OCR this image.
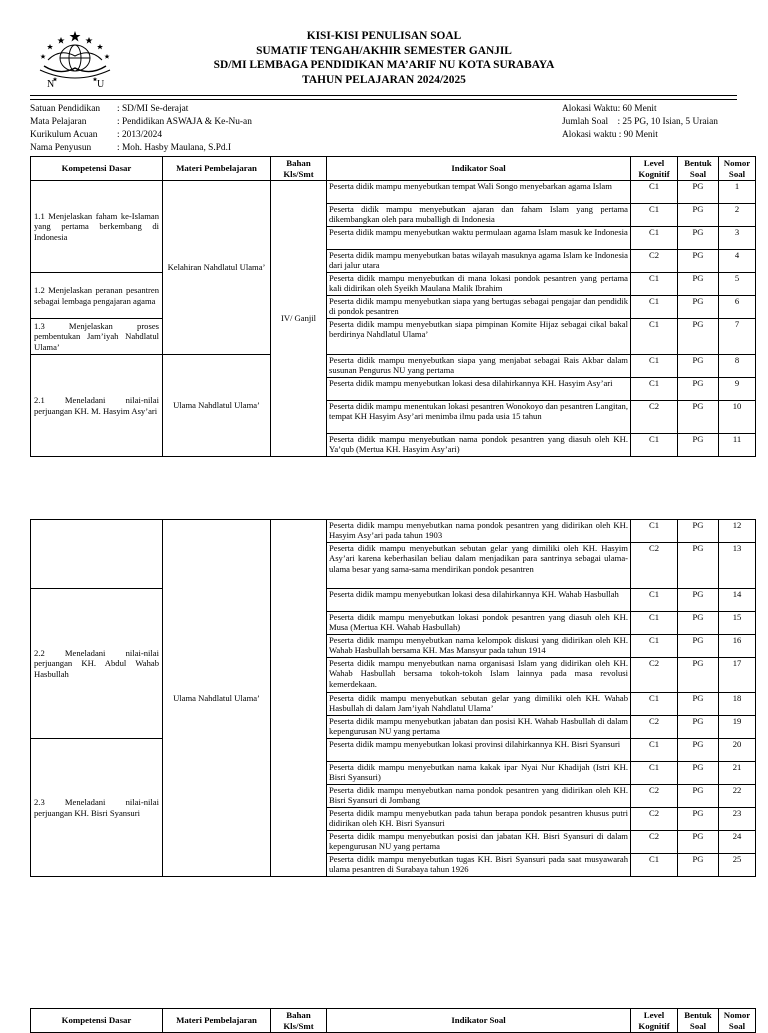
N	U
KISI-KISI PENULISAN SOAL
SUMATIF TENGAH/AKHIR SEMESTER GANJIL
SD/MI LEMBAGA PENDIDIKAN MA’ARIF NU KOTA SURABAYA
TAHUN PELAJARAN 2024/2025
Satuan Pendidikan : SD/MI Se-derajat
Mata Pelajaran	: Pendidikan ASWAJA & Ke-Nu-an
Kurikulum Acuan : 2013/2024
Nama Penyusun	: Moh. Hasby Maulana, S.Pd.I
Alokasi Waktu: 60 Menit
Jumlah Soal    : 25 PG, 10 Isian, 5 Uraian
Alokasi waktu : 90 Menit
Kompetensi Dasar	Materi Pembelajaran	Bahan Kls/Smt	Indikator Soal	Level Kognitif	Bentuk Soal	Nomor Soal
1.1 Menjelaskan faham ke-Islaman yang pertama berkembang di Indonesia	Kelahiran Nahdlatul Ulama’	IV/ Ganjil	Peserta didik mampu menyebutkan tempat Wali Songo menyebarkan agama Islam	C1	PG	1
			Peserta didik mampu menyebutkan ajaran dan faham Islam yang pertama dikembangkan oleh para muballigh di Indonesia	C1	PG	2
			Peserta didik mampu menyebutkan waktu permulaan agama Islam masuk ke Indonesia	C1	PG	3
			Peserta didik mampu menyebutkan batas wilayah masuknya agama Islam ke Indonesia dari jalur utara	C2	PG	4
1.2 Menjelaskan peranan pesantren sebagai lembaga pengajaran agama			Peserta didik mampu menyebutkan di mana lokasi pondok pesantren yang pertama kali didirikan oleh Syeikh Maulana Malik Ibrahim	C1	PG	5
			Peserta didik mampu menyebutkan siapa yang bertugas sebagai pengajar dan pendidik di pondok pesantren	C1	PG	6
1.3 Menjelaskan proses pembentukan Jam’iyah Nahdlatul Ulama’			Peserta didik mampu menyebutkan siapa pimpinan Komite Hijaz sebagai cikal bakal berdirinya Nahdlatul Ulama’	C1	PG	7
2.1 Meneladani nilai-nilai perjuangan KH. M. Hasyim Asy’ari	Ulama Nahdlatul Ulama’		Peserta didik mampu menyebutkan siapa yang menjabat sebagai Rais Akbar dalam susunan Pengurus NU yang pertama	C1	PG	8
			Peserta didik mampu menyebutkan lokasi desa dilahirkannya KH. Hasyim Asy’ari	C1	PG	9
			Peserta didik mampu menentukan lokasi pesantren Wonokoyo dan pesantren Langitan, tempat KH Hasyim Asy’ari menimba ilmu pada usia 15 tahun	C2	PG	10
			Peserta didik mampu menyebutkan nama pondok pesantren yang diasuh oleh KH. Ya’qub (Mertua KH. Hasyim Asy’ari)	C1	PG	11
	Ulama Nahdlatul Ulama’		Peserta didik mampu menyebutkan nama pondok pesantren yang didirikan oleh KH. Hasyim Asy’ari pada tahun 1903	C1	PG	12
			Peserta didik mampu menyebutkan sebutan gelar yang dimiliki oleh KH. Hasyim Asy’ari karena keberhasilan beliau dalam menjadikan para santrinya sebagai ulama-ulama besar yang sama-sama mendirikan pondok pesantren	C2	PG	13
2.2 Meneladani nilai-nilai perjuangan KH. Abdul Wahab Hasbullah			Peserta didik mampu menyebutkan lokasi desa dilahirkannya KH. Wahab Hasbullah	C1	PG	14
			Peserta didik mampu menyebutkan lokasi pondok pesantren yang diasuh oleh KH. Musa (Mertua KH. Wahab Hasbullah)	C1	PG	15
			Peserta didik mampu menyebutkan nama kelompok diskusi yang didirikan oleh KH. Wahab Hasbullah bersama KH. Mas Mansyur pada tahun 1914	C1	PG	16
			Peserta didik mampu menyebutkan nama organisasi Islam yang didirikan oleh KH. Wahab Hasbullah bersama tokoh-tokoh Islam lainnya pada masa revolusi kemerdekaan.	C2	PG	17
			Peserta didik mampu menyebutkan sebutan gelar yang dimiliki oleh KH. Wahab Hasbullah di dalam Jam’iyah Nahdlatul Ulama’	C1	PG	18
			Peserta didik mampu menyebutkan jabatan dan posisi KH. Wahab Hasbullah di dalam kepengurusan NU yang pertama	C2	PG	19
2.3 Meneladani nilai-nilai perjuangan KH. Bisri Syansuri			Peserta didik mampu menyebutkan lokasi provinsi dilahirkannya KH. Bisri Syansuri	C1	PG	20
			Peserta didik mampu menyebutkan nama kakak ipar Nyai Nur Khadijah (Istri KH. Bisri Syansuri)	C1	PG	21
			Peserta didik mampu menyebutkan nama pondok pesantren yang didirikan oleh KH. Bisri Syansuri di Jombang	C2	PG	22
			Peserta didik mampu menyebutkan pada tahun berapa pondok pesantren khusus putri didirikan oleh KH. Bisri Syansuri	C2	PG	23
			Peserta didik mampu menyebutkan posisi dan jabatan KH. Bisri Syansuri di dalam kepengurusan NU yang pertama	C2	PG	24
			Peserta didik mampu menyebutkan tugas KH. Bisri Syansuri pada saat musyawarah ulama pesantren di Surabaya tahun 1926	C1	PG	25
Kompetensi Dasar	Materi Pembelajaran	Bahan Kls/Smt	Indikator Soal	Level Kognitif	Bentuk Soal	Nomor Soal
